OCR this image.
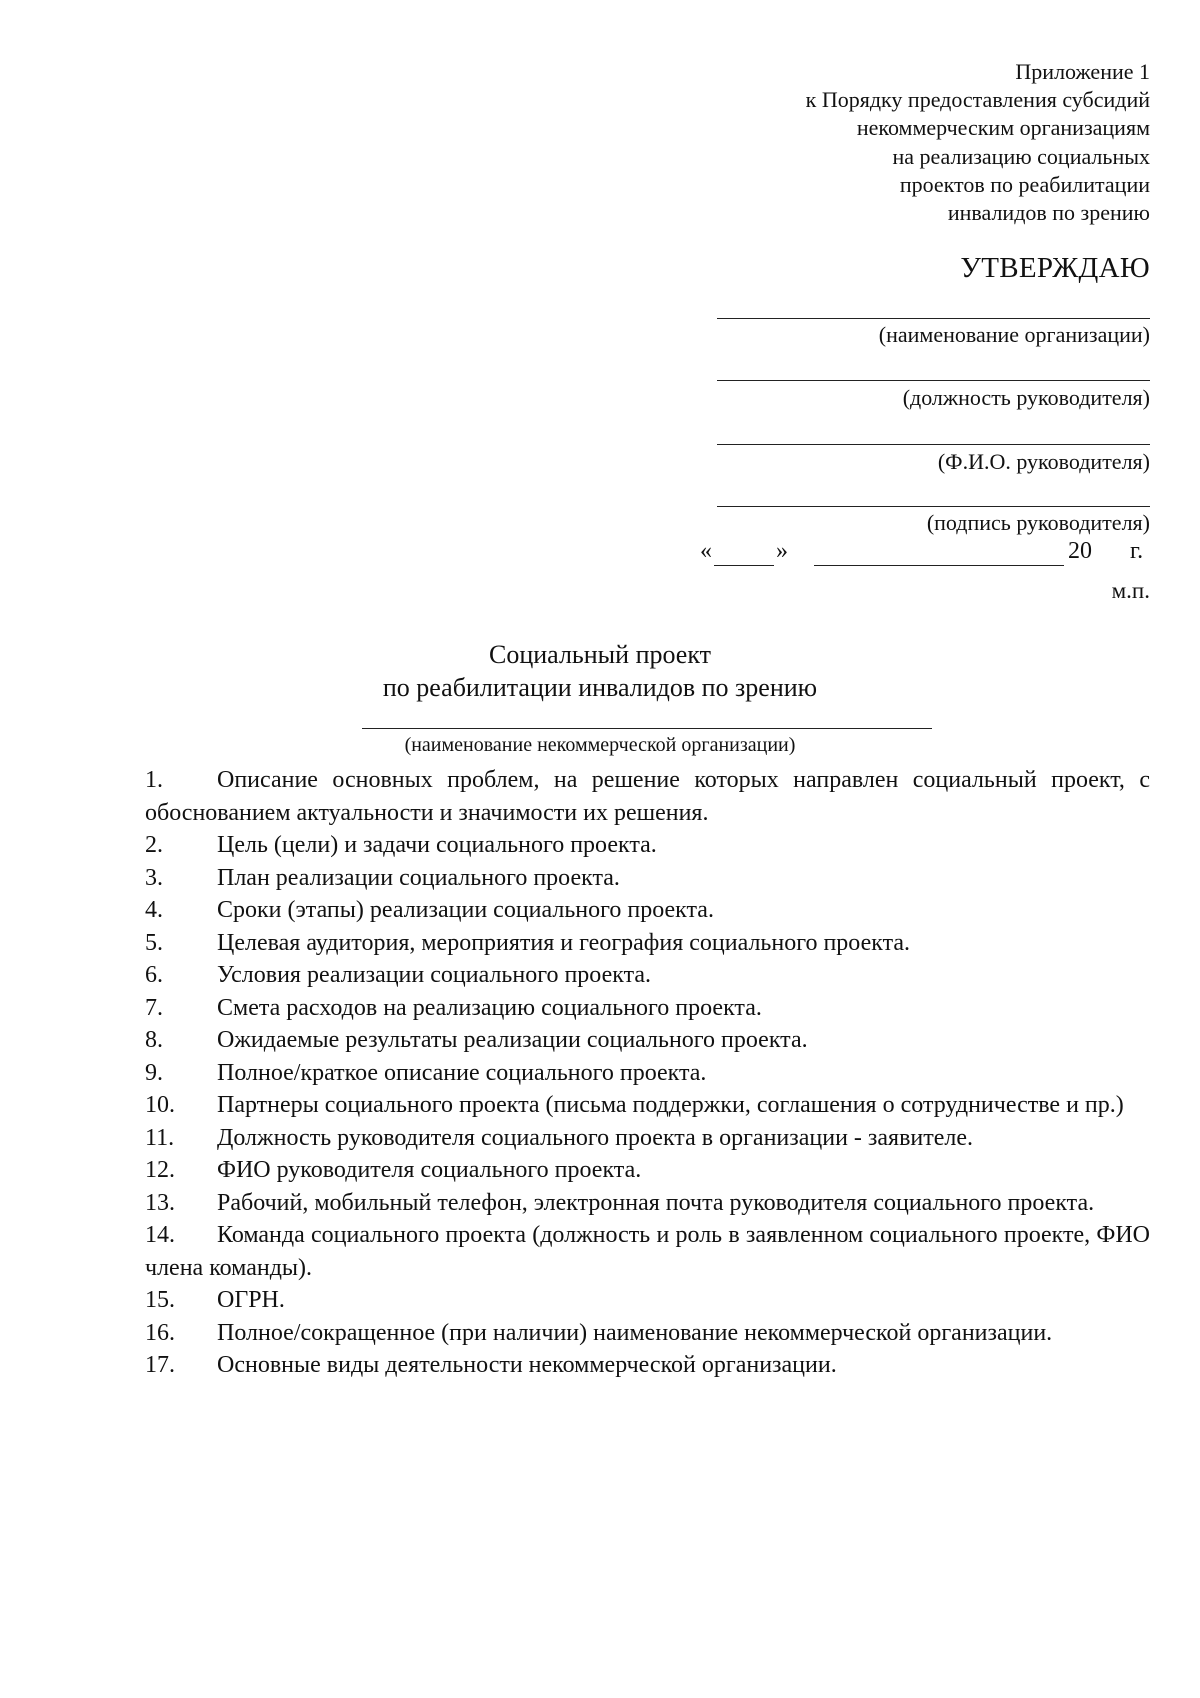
Приложение 1
к Порядку предоставления субсидий
некоммерческим организациям
на реализацию социальных
проектов по реабилитации
инвалидов по зрению
УТВЕРЖДАЮ
(наименование организации)
(должность руководителя)
(Ф.И.О. руководителя)
(подпись руководителя)
«	»	20 г.
м.п.
Социальный проект
по реабилитации инвалидов по зрению
(наименование некоммерческой организации)
1. Описание основных проблем, на решение которых направлен социальный проект, с обоснованием актуальности и значимости их решения.
2. Цель (цели) и задачи социального проекта.
3. План реализации социального проекта.
4. Сроки (этапы) реализации социального проекта.
5. Целевая аудитория, мероприятия и география социального проекта.
6. Условия реализации социального проекта.
7. Смета расходов на реализацию социального проекта.
8. Ожидаемые результаты реализации социального проекта.
9. Полное/краткое описание социального проекта.
10. Партнеры социального проекта (письма поддержки, соглашения о сотрудничестве и пр.)
11. Должность руководителя социального проекта в организации - заявителе.
12. ФИО руководителя социального проекта.
13. Рабочий, мобильный телефон, электронная почта руководителя социального проекта.
14. Команда социального проекта (должность и роль в заявленном социального проекте, ФИО члена команды).
15. ОГРН.
16. Полное/сокращенное (при наличии) наименование некоммерческой организации.
17. Основные виды деятельности некоммерческой организации.
